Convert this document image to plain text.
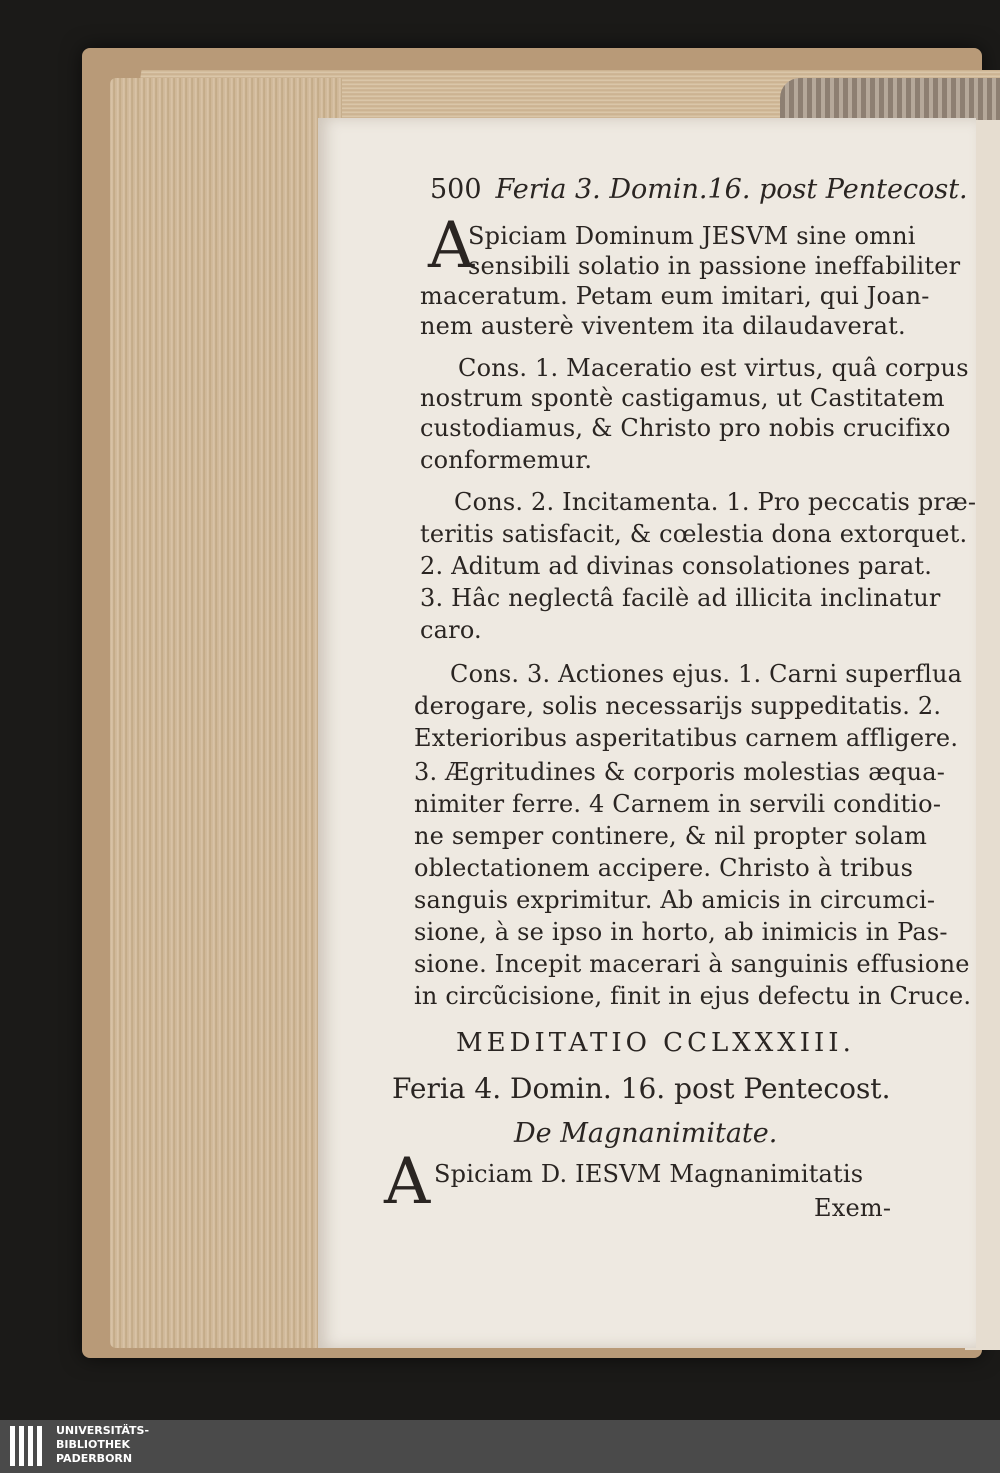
500 Feria 3. Domin.16. post Pentecost.
A
Spiciam Dominum JESVM sine omni
sensibili solatio in passione ineffabiliter
maceratum. Petam eum imitari, qui Joan-
nem austerè viventem ita dilaudaverat.
Cons. 1. Maceratio est virtus, quâ corpus
nostrum spontè castigamus, ut Castitatem
custodiamus, & Christo pro nobis crucifixo
conformemur.
Cons. 2. Incitamenta. 1. Pro peccatis præ-
teritis satisfacit, & cœlestia dona extorquet.
2. Aditum ad divinas consolationes parat.
3. Hâc neglectâ facilè ad illicita inclinatur
caro.
Cons. 3. Actiones ejus. 1. Carni superflua
derogare, solis necessarijs suppeditatis. 2.
Exterioribus asperitatibus carnem affligere.
3. Ægritudines & corporis molestias æqua-
nimiter ferre. 4 Carnem in servili conditio-
ne semper continere, & nil propter solam
oblectationem accipere. Christo à tribus
sanguis exprimitur. Ab amicis in circumci-
sione, à se ipso in horto, ab inimicis in Pas-
sione. Incepit macerari à sanguinis effusione
in circũcisione, finit in ejus defectu in Cruce.
MEDITATIO CCLXXXIII.
Feria 4. Domin. 16. post Pentecost.
De Magnanimitate.
A Spiciam D. IESVM Magnanimitatis
Exem-
UNIVERSITÄTS-
BIBLIOTHEK
PADERBORN
